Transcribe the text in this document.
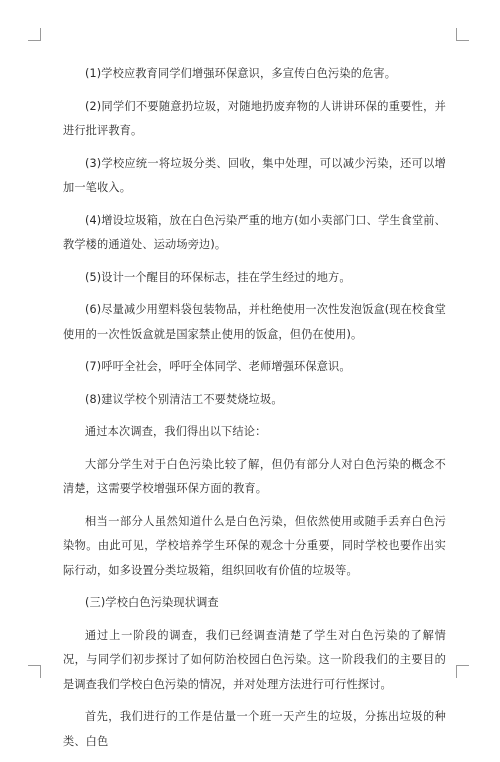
(1)学校应教育同学们增强环保意识，多宣传白色污染的危害。

(2)同学们不要随意扔垃圾，对随地扔废弃物的人讲讲环保的重要性，并进行批评教育。

(3)学校应统一将垃圾分类、回收，集中处理，可以减少污染，还可以增加一笔收入。

(4)增设垃圾箱，放在白色污染严重的地方(如小卖部门口、学生食堂前、教学楼的通道处、运动场旁边)。

(5)设计一个醒目的环保标志，挂在学生经过的地方。

(6)尽量减少用塑料袋包装物品，并杜绝使用一次性发泡饭盒(现在校食堂使用的一次性饭盒就是国家禁止使用的饭盒，但仍在使用)。

(7)呼吁全社会，呼吁全体同学、老师增强环保意识。

(8)建议学校个别清洁工不要焚烧垃圾。

通过本次调查，我们得出以下结论：

大部分学生对于白色污染比较了解，但仍有部分人对白色污染的概念不清楚，这需要学校增强环保方面的教育。

相当一部分人虽然知道什么是白色污染，但依然使用或随手丢弃白色污染物。由此可见，学校培养学生环保的观念十分重要，同时学校也要作出实际行动，如多设置分类垃圾箱，组织回收有价值的垃圾等。

(三)学校白色污染现状调查

通过上一阶段的调查，我们已经调查清楚了学生对白色污染的了解情况，与同学们初步探讨了如何防治校园白色污染。这一阶段我们的主要目的是调查我们学校白色污染的情况，并对处理方法进行可行性探讨。

首先，我们进行的工作是估量一个班一天产生的垃圾，分拣出垃圾的种类、白色
